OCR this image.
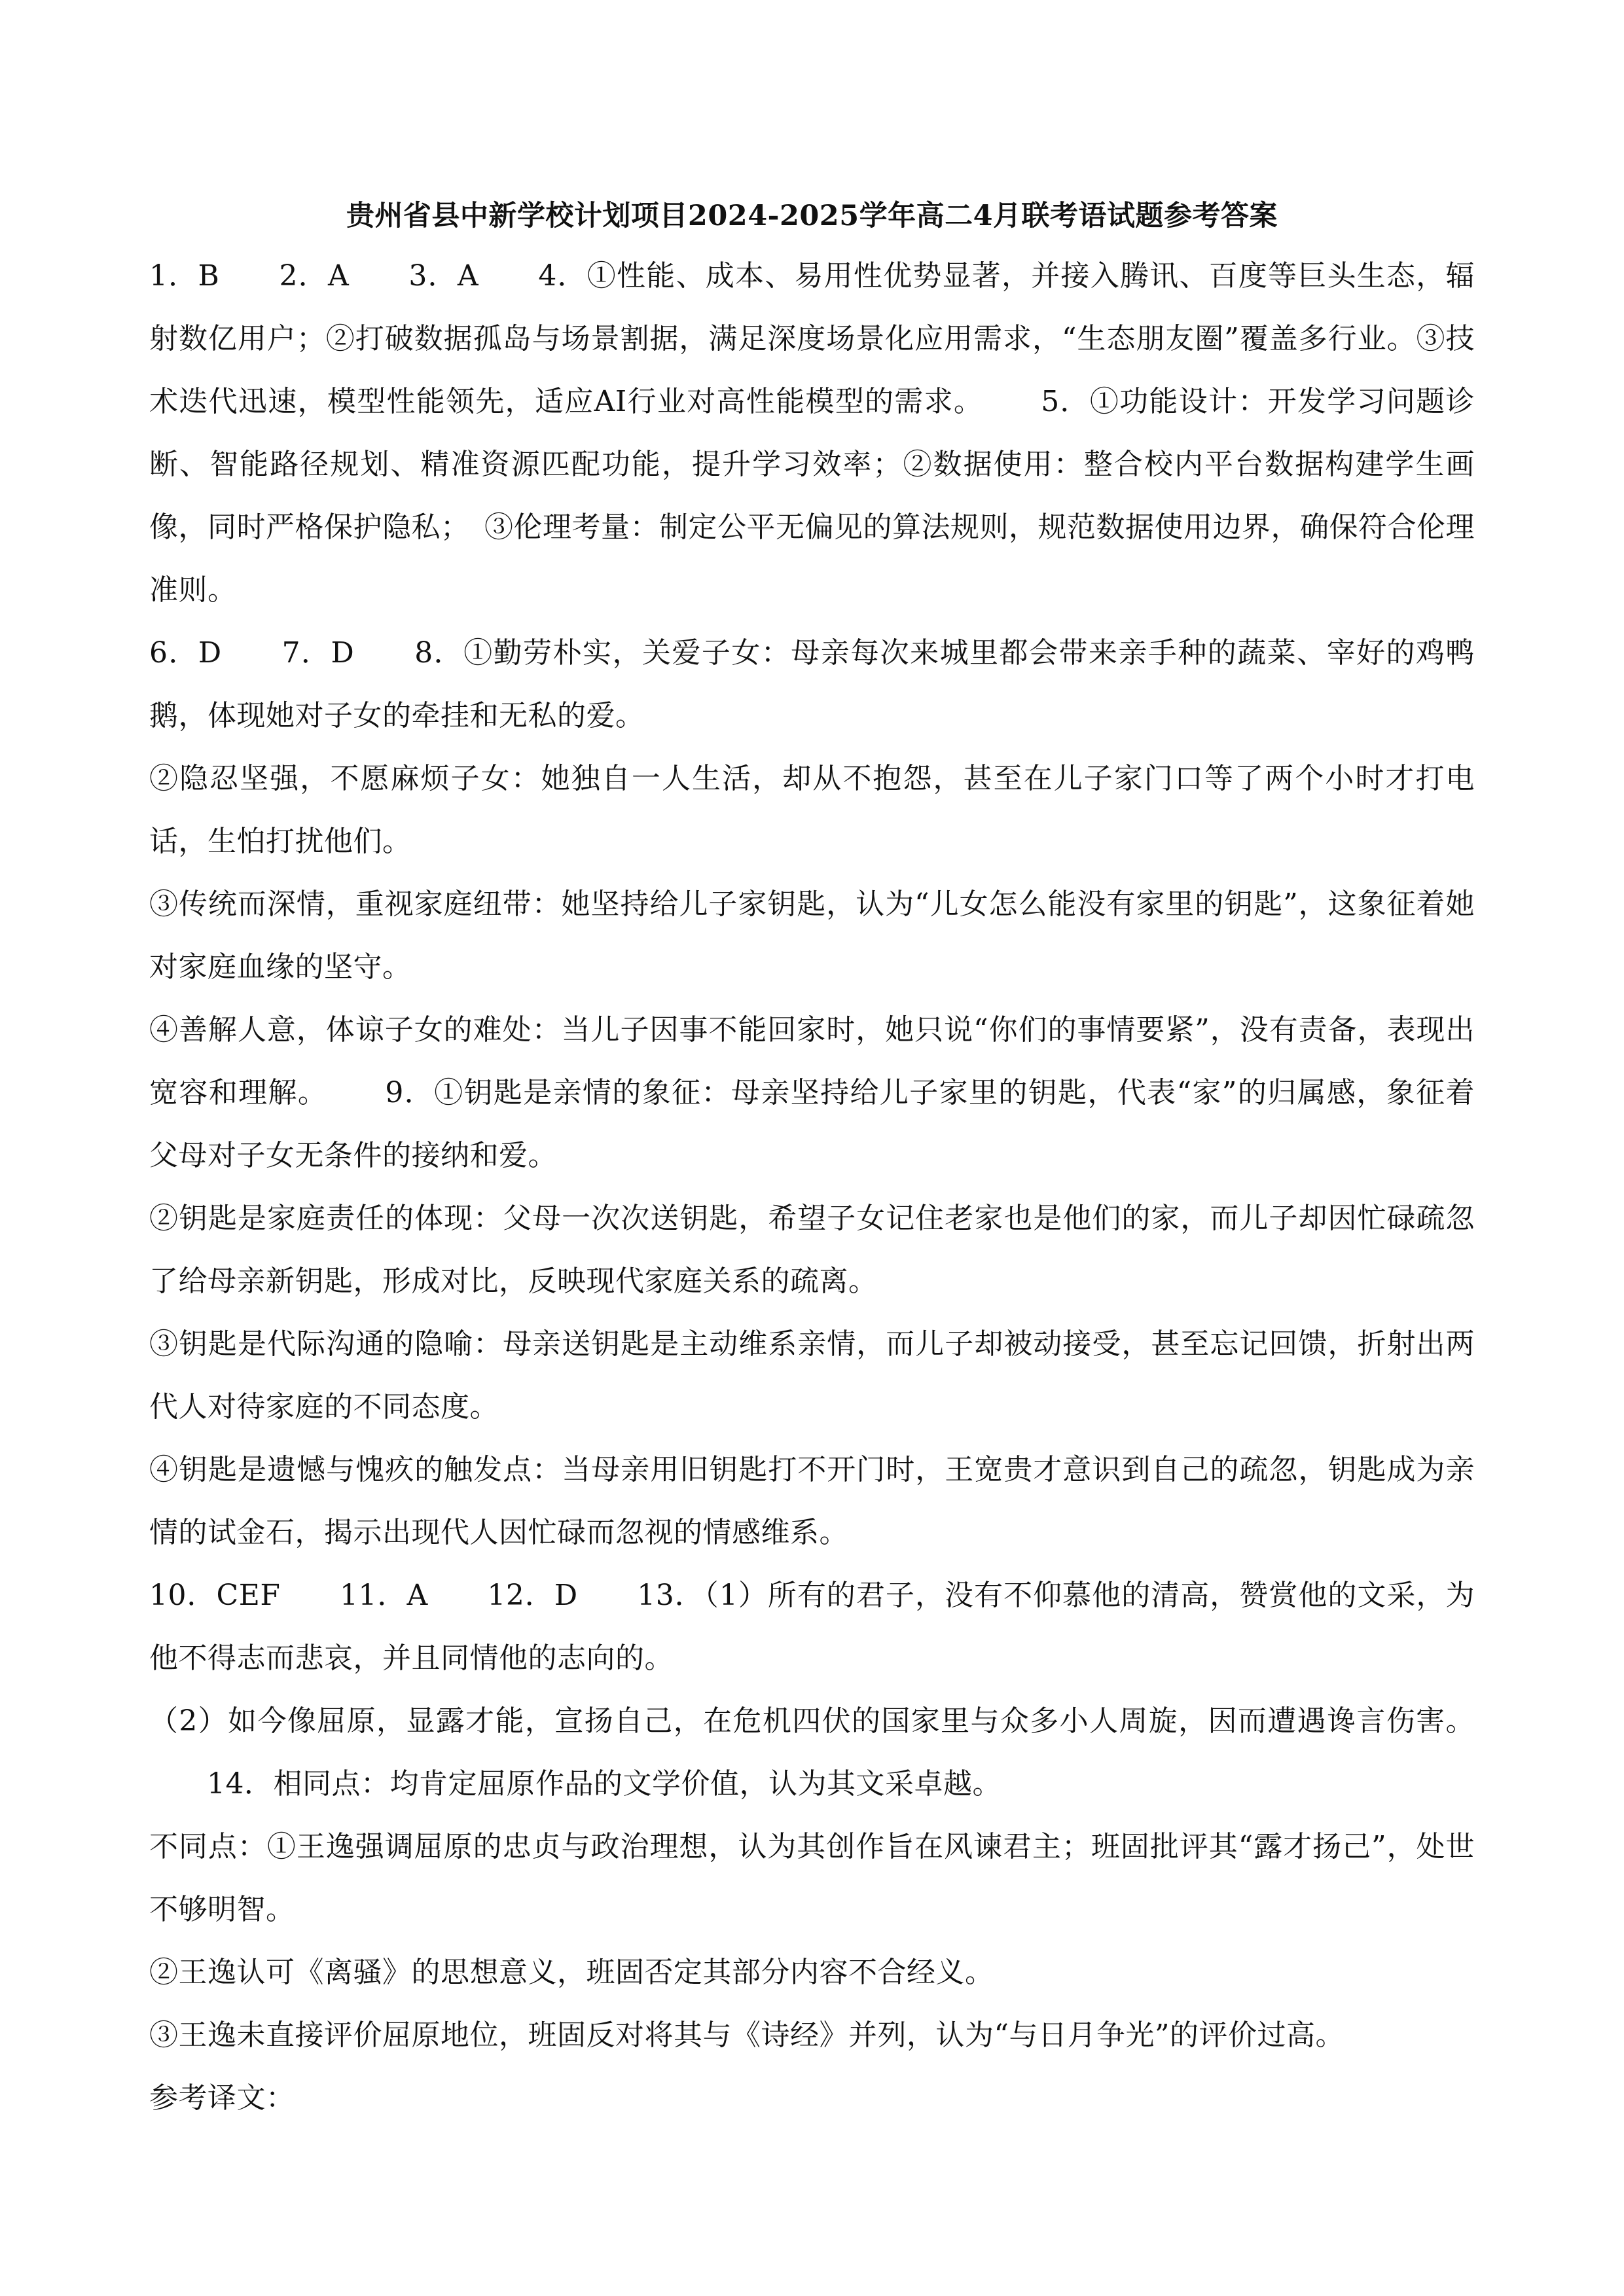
贵州省县中新学校计划项目2024-2025学年高二4月联考语试题参考答案

1．B　　2．A　　3．A　　4．①性能、成本、易用性优势显著，并接入腾讯、百度等巨头生态，辐射数亿用户；②打破数据孤岛与场景割据，满足深度场景化应用需求，“生态朋友圈”覆盖多行业。③技术迭代迅速，模型性能领先，适应AI行业对高性能模型的需求。 5．①功能设计：开发学习问题诊断、智能路径规划、精准资源匹配功能，提升学习效率；②数据使用：整合校内平台数据构建学生画像，同时严格保护隐私；　③伦理考量：制定公平无偏见的算法规则，规范数据使用边界，确保符合伦理准则。

6．D　　7．D　　8．①勤劳朴实，关爱子女：母亲每次来城里都会带来亲手种的蔬菜、宰好的鸡鸭鹅，体现她对子女的牵挂和无私的爱。

②隐忍坚强，不愿麻烦子女：她独自一人生活，却从不抱怨，甚至在儿子家门口等了两个小时才打电话，生怕打扰他们。

③传统而深情，重视家庭纽带：她坚持给儿子家钥匙，认为“儿女怎么能没有家里的钥匙”，这象征着她对家庭血缘的坚守。

④善解人意，体谅子女的难处：当儿子因事不能回家时，她只说“你们的事情要紧”，没有责备，表现出宽容和理解。 9．①钥匙是亲情的象征：母亲坚持给儿子家里的钥匙，代表“家”的归属感，象征着父母对子女无条件的接纳和爱。

②钥匙是家庭责任的体现：父母一次次送钥匙，希望子女记住老家也是他们的家，而儿子却因忙碌疏忽了给母亲新钥匙，形成对比，反映现代家庭关系的疏离。

③钥匙是代际沟通的隐喻：母亲送钥匙是主动维系亲情，而儿子却被动接受，甚至忘记回馈，折射出两代人对待家庭的不同态度。

④钥匙是遗憾与愧疚的触发点：当母亲用旧钥匙打不开门时，王宽贵才意识到自己的疏忽，钥匙成为亲情的试金石，揭示出现代人因忙碌而忽视的情感维系。

10．CEF　　11．A　　12．D　　13．（1）所有的君子，没有不仰慕他的清高，赞赏他的文采，为他不得志而悲哀，并且同情他的志向的。

（2）如今像屈原，显露才能，宣扬自己，在危机四伏的国家里与众多小人周旋，因而遭遇谗言伤害。14．相同点：均肯定屈原作品的文学价值，认为其文采卓越。

不同点：①王逸强调屈原的忠贞与政治理想，认为其创作旨在风谏君主；班固批评其“露才扬己”，处世不够明智。

②王逸认可《离骚》的思想意义，班固否定其部分内容不合经义。

③王逸未直接评价屈原地位，班固反对将其与《诗经》并列，认为“与日月争光”的评价过高。

参考译文：
